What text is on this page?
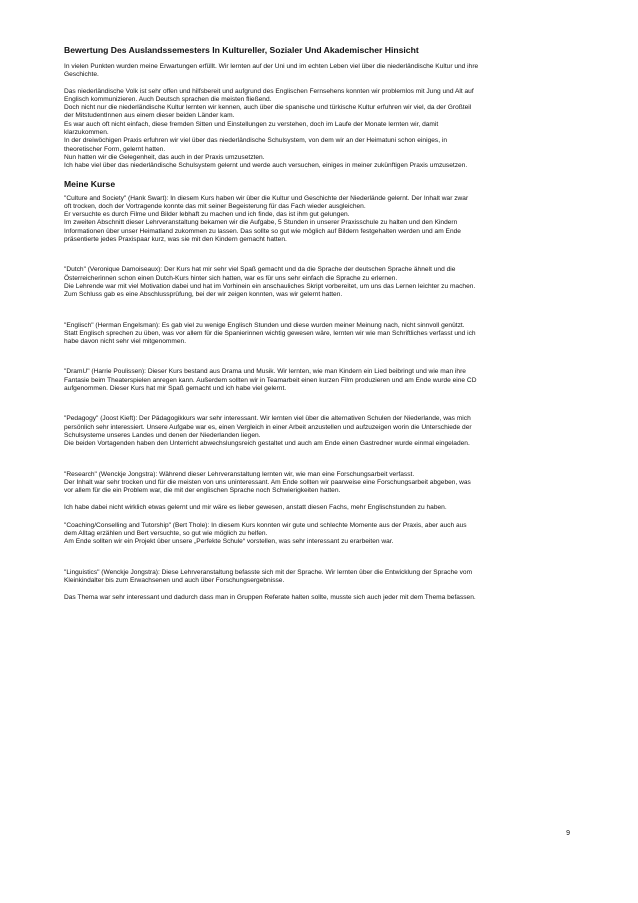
Bewertung Des Auslandssemesters In Kultureller, Sozialer Und Akademischer Hinsicht

In vielen Punkten wurden meine Erwartungen erfüllt. Wir lernten auf der Uni und im echten Leben viel über die niederländische Kultur und ihre

Geschichte.

Das niederländische Volk ist sehr offen und hilfsbereit und aufgrund des Englischen Fernsehens konnten wir problemlos mit Jung und Alt auf

Englisch kommunizieren. Auch Deutsch sprachen die meisten fließend.

Doch nicht nur die niederländische Kultur lernten wir kennen, auch über die spanische und türkische Kultur erfuhren wir viel, da der Großteil

der MitstudentInnen aus einem dieser beiden Länder kam.

Es war auch oft nicht einfach, diese fremden Sitten und Einstellungen zu verstehen, doch im Laufe der Monate lernten wir, damit

klarzukommen.

In der dreiwöchigen Praxis erfuhren wir viel über das niederländische Schulsystem, von dem wir an der Heimatuni schon einiges, in

theoretischer Form, gelernt hatten.

Nun hatten wir die Gelegenheit, das auch in der Praxis umzusetzten.

Ich habe viel über das niederländische Schulsystem gelernt und werde auch versuchen, einiges in meiner zukünftigen Praxis umzusetzen.

Meine Kurse

"Culture and Society" (Hank Swart): In diesem Kurs haben wir über die Kultur und Geschichte der Niederlände gelernt. Der Inhalt war zwar

oft trocken, doch der Vortragende konnte das mit seiner Begeisterung für das Fach wieder ausgleichen.

Er versuchte es durch Filme und Bilder lebhaft zu machen und ich finde, das ist ihm gut gelungen.

Im zweiten Abschnitt dieser Lehrveranstaltung bekamen wir die Aufgabe, 5 Stunden in unserer Praxisschule zu halten und den Kindern

Informationen über unser Heimatland zukommen zu lassen. Das sollte so gut wie möglich auf Bildern festgehalten werden und am Ende

präsentierte jedes Praxispaar kurz, was sie mit den Kindern gemacht hatten.

"Dutch" (Veronique Damoiseaux): Der Kurs hat mir sehr viel Spaß gemacht und da die Sprache der deutschen Sprache ähnelt und die

Österreicherinnen schon einen Dutch-Kurs hinter sich hatten, war es für uns sehr einfach die Sprache zu erlernen.

Die Lehrende war mit viel Motivation dabei und hat im Vorhinein ein anschauliches Skript vorbereitet, um uns das Lernen leichter zu machen.

Zum Schluss gab es eine Abschlussprüfung, bei der wir zeigen konnten, was wir gelernt hatten.

"Englisch" (Herman Engelsman): Es gab viel zu wenige Englisch Stunden und diese wurden meiner Meinung nach, nicht sinnvoll genützt.

Statt Englisch sprechen zu üben, was vor allem für die Spanierinnen wichtig gewesen wäre, lernten wir wie man Schriftliches verfasst und ich

habe davon nicht sehr viel mitgenommen.

"DramU" (Harrie Poulissen): Dieser Kurs bestand aus Drama und Musik. Wir lernten, wie man Kindern ein Lied beibringt und wie man ihre

Fantasie beim Theaterspielen anregen kann. Außerdem sollten wir in Teamarbeit einen kurzen Film produzieren und am Ende wurde eine CD

aufgenommen. Dieser Kurs hat mir Spaß gemacht und ich habe viel gelernt.

"Pedagogy" (Joost Kieft): Der Pädagogikkurs war sehr interessant. Wir lernten viel über die alternativen Schulen der Niederlande, was mich

persönlich sehr interessiert. Unsere Aufgabe war es, einen Vergleich in einer Arbeit anzustellen und aufzuzeigen worin die Unterschiede der

Schulsysteme unseres Landes und denen der Niederlanden liegen.

Die beiden Vortagenden haben den Unterricht abwechslungsreich gestaltet und auch am Ende einen Gastredner wurde einmal eingeladen.

"Research" (Wenckje Jongstra): Während dieser Lehrveranstaltung lernten wir, wie man eine Forschungsarbeit verfasst.

Der Inhalt war sehr trocken und für die meisten von uns uninteressant. Am Ende sollten wir paarweise eine Forschungsarbeit abgeben, was

vor allem für die ein Problem war, die mit der englischen Sprache noch Schwierigkeiten hatten.

Ich habe dabei nicht wirklich etwas gelernt und mir wäre es lieber gewesen, anstatt diesen Fachs, mehr Englischstunden zu haben.

"Coaching/Conselling and Tutorship" (Bert Thole): In diesem Kurs konnten wir gute und schlechte Momente aus der Praxis, aber auch aus

dem Alltag erzählen und Bert versuchte, so gut wie möglich zu helfen.

Am Ende sollten wir ein Projekt über unsere „Perfekte Schule“ vorstellen, was sehr interessant zu erarbeiten war.

"Linguistics" (Wenckje Jongstra): Diese Lehrveranstaltung befasste sich mit der Sprache. Wir lernten über die Entwicklung der Sprache vom

Kleinkindalter bis zum Erwachsenen und auch über Forschungsergebnisse.

Das Thema war sehr interessant und dadurch dass man in Gruppen Referate halten sollte, musste sich auch jeder mit dem Thema befassen.

9
